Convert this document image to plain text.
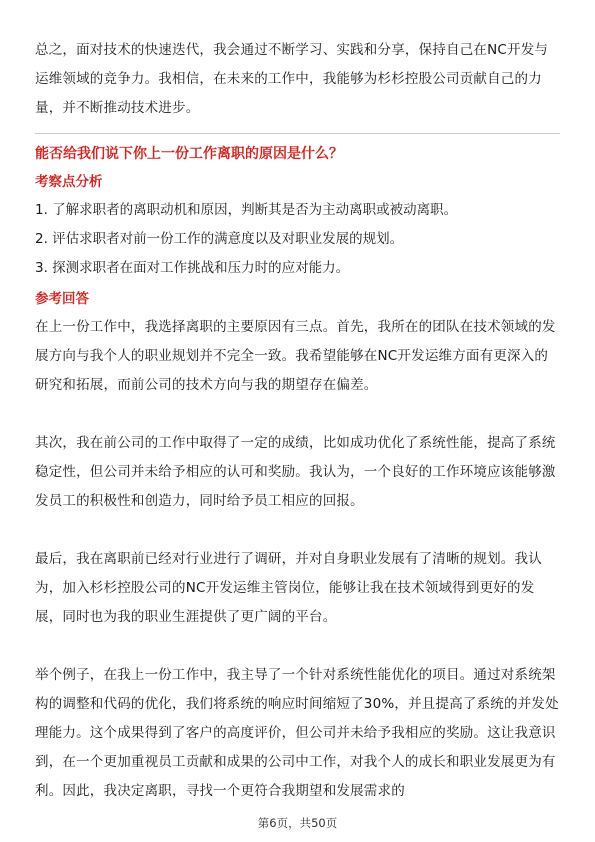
总之，面对技术的快速迭代，我会通过不断学习、实践和分享，保持自己在NC开发与运维领域的竞争力。我相信，在未来的工作中，我能够为杉杉控股公司贡献自己的力量，并不断推动技术进步。

能否给我们说下你上一份工作离职的原因是什么？
考察点分析
1. 了解求职者的离职动机和原因，判断其是否为主动离职或被动离职。
2. 评估求职者对前一份工作的满意度以及对职业发展的规划。
3. 探测求职者在面对工作挑战和压力时的应对能力。
参考回答

在上一份工作中，我选择离职的主要原因有三点。首先，我所在的团队在技术领域的发展方向与我个人的职业规划并不完全一致。我希望能够在NC开发运维方面有更深入的研究和拓展，而前公司的技术方向与我的期望存在偏差。

其次，我在前公司的工作中取得了一定的成绩，比如成功优化了系统性能，提高了系统稳定性，但公司并未给予相应的认可和奖励。我认为，一个良好的工作环境应该能够激发员工的积极性和创造力，同时给予员工相应的回报。

最后，我在离职前已经对行业进行了调研，并对自身职业发展有了清晰的规划。我认为，加入杉杉控股公司的NC开发运维主管岗位，能够让我在技术领域得到更好的发展，同时也为我的职业生涯提供了更广阔的平台。

举个例子，在我上一份工作中，我主导了一个针对系统性能优化的项目。通过对系统架构的调整和代码的优化，我们将系统的响应时间缩短了30%，并且提高了系统的并发处理能力。这个成果得到了客户的高度评价，但公司并未给予我相应的奖励。这让我意识到，在一个更加重视员工贡献和成果的公司中工作，对我个人的成长和职业发展更为有利。因此，我决定离职，寻找一个更符合我期望和发展需求的

第6页，共50页
